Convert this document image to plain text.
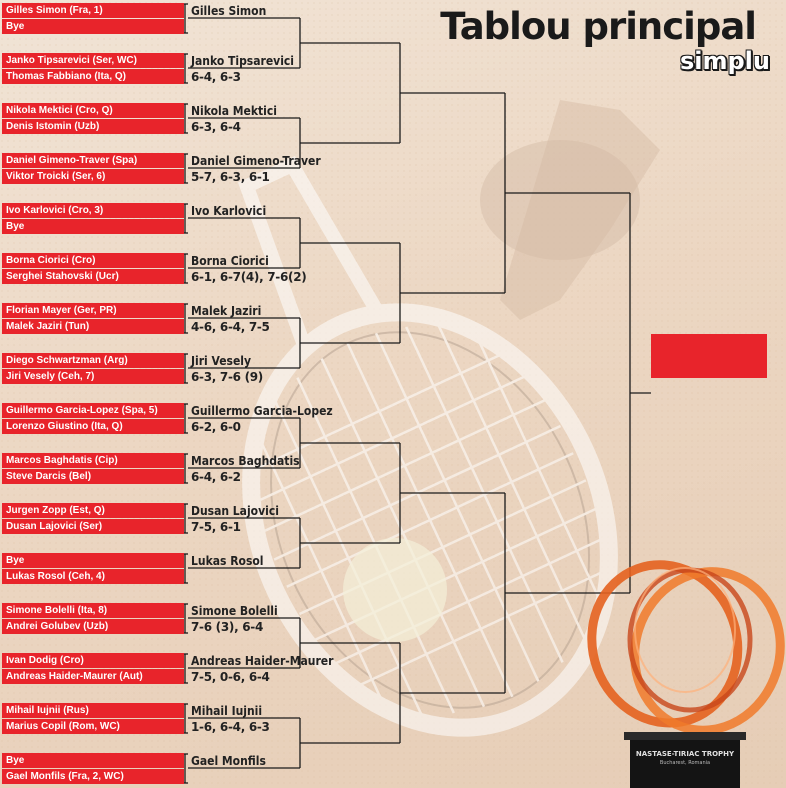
Gilles Simon (Fra, 1)
Bye
Gilles Simon
Janko Tipsarevici (Ser, WC)
Thomas Fabbiano (Ita, Q)
Janko Tipsarevici
6-4, 6-3
Nikola Mektici (Cro, Q)
Denis Istomin (Uzb)
Nikola Mektici
6-3, 6-4
Daniel Gimeno-Traver (Spa)
Viktor Troicki (Ser, 6)
Daniel Gimeno-Traver
5-7, 6-3, 6-1
Ivo Karlovici (Cro, 3)
Bye
Ivo Karlovici
Borna Ciorici (Cro)
Serghei Stahovski (Ucr)
Borna Ciorici
6-1, 6-7(4), 7-6(2)
Florian Mayer (Ger, PR)
Malek Jaziri (Tun)
Malek Jaziri
4-6, 6-4, 7-5
Diego Schwartzman (Arg)
Jiri Vesely (Ceh, 7)
Jiri Vesely
6-3, 7-6 (9)
Guillermo Garcia-Lopez (Spa, 5)
Lorenzo Giustino (Ita, Q)
Guillermo Garcia-Lopez
6-2, 6-0
Marcos Baghdatis (Cip)
Steve Darcis (Bel)
Marcos Baghdatis
6-4, 6-2
Jurgen Zopp (Est, Q)
Dusan Lajovici (Ser)
Dusan Lajovici
7-5, 6-1
Bye
Lukas Rosol (Ceh, 4)
Lukas Rosol
Simone Bolelli (Ita, 8)
Andrei Golubev (Uzb)
Simone Bolelli
7-6 (3), 6-4
Ivan Dodig (Cro)
Andreas Haider-Maurer (Aut)
Andreas Haider-Maurer
7-5, 0-6, 6-4
Mihail Iujnii (Rus)
Marius Copil (Rom, WC)
Mihail Iujnii
1-6, 6-4, 6-3
Bye
Gael Monfils (Fra, 2, WC)
Gael Monfils
Tablou principal
simplu
NASTASE-TIRIAC TROPHY
Bucharest, Romania
